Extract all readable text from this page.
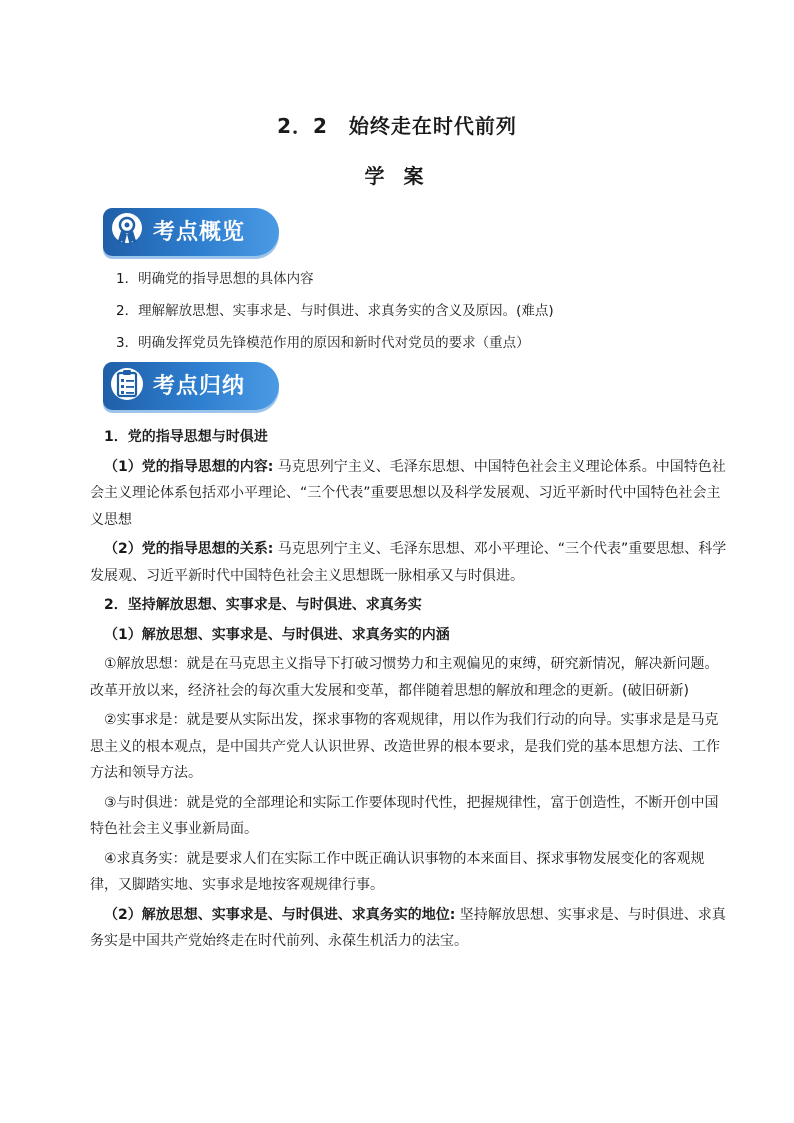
2．2　始终走在时代前列
学 案
考点概览
1．明确党的指导思想的具体内容
2．理解解放思想、实事求是、与时俱进、求真务实的含义及原因。(难点)
3．明确发挥党员先锋模范作用的原因和新时代对党员的要求（重点）
考点归纳

1．党的指导思想与时俱进

（1）党的指导思想的内容: 马克思列宁主义、毛泽东思想、中国特色社会主义理论体系。中国特色社会主义理论体系包括邓小平理论、“三个代表”重要思想以及科学发展观、习近平新时代中国特色社会主义思想

（2）党的指导思想的关系: 马克思列宁主义、毛泽东思想、邓小平理论、“三个代表”重要思想、科学发展观、习近平新时代中国特色社会主义思想既一脉相承又与时俱进。

2．坚持解放思想、实事求是、与时俱进、求真务实

（1）解放思想、实事求是、与时俱进、求真务实的内涵

①解放思想：就是在马克思主义指导下打破习惯势力和主观偏见的束缚，研究新情况，解决新问题。改革开放以来，经济社会的每次重大发展和变革，都伴随着思想的解放和理念的更新。(破旧研新)

②实事求是：就是要从实际出发，探求事物的客观规律，用以作为我们行动的向导。实事求是是马克思主义的根本观点，是中国共产党人认识世界、改造世界的根本要求，是我们党的基本思想方法、工作方法和领导方法。

③与时俱进：就是党的全部理论和实际工作要体现时代性，把握规律性，富于创造性，不断开创中国特色社会主义事业新局面。

④求真务实：就是要求人们在实际工作中既正确认识事物的本来面目、探求事物发展变化的客观规律，又脚踏实地、实事求是地按客观规律行事。

（2）解放思想、实事求是、与时俱进、求真务实的地位: 坚持解放思想、实事求是、与时俱进、求真务实是中国共产党始终走在时代前列、永葆生机活力的法宝。
